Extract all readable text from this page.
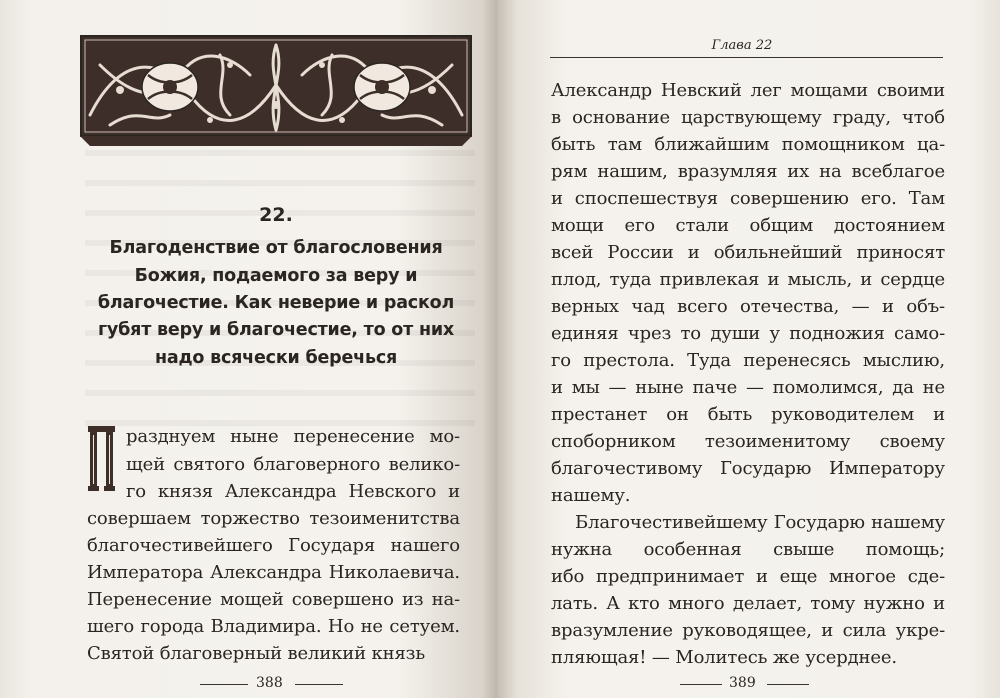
22.
Благоденствие от благословения
Божия, подаемого за веру и
благочестие. Как неверие и раскол
губят веру и благочестие, то от них
надо всячески беречься
разднуем ныне перенесение мо-
щей святого благоверного велико-
го князя Александра Невского и
совершаем торжество тезоименитства
благочестивейшего Государя нашего
Императора Александра Николаевича.
Перенесение мощей совершено из на-
шего города Владимира. Но не сетуем.
Святой благоверный великий князь
388
Глава 22
Александр Невский лег мощами своими
в основание царствующему граду, чтоб
быть там ближайшим помощником ца-
рям нашим, вразумляя их на всеблагое
и споспешествуя совершению его. Там
мощи его стали общим достоянием
всей России и обильнейший приносят
плод, туда привлекая и мысль, и сердце
верных чад всего отечества, — и объ-
единяя чрез то души у подножия само-
го престола. Туда перенесясь мыслию,
и мы — ныне паче — помолимся, да не
престанет он быть руководителем и
споборником тезоименитому своему
благочестивому Государю Императору
нашему.
Благочестивейшему Государю нашему
нужна особенная свыше помощь;
ибо предпринимает и еще многое сде-
лать. А кто много делает, тому нужно и
вразумление руководящее, и сила укре-
пляющая! — Молитесь же усерднее.
389
